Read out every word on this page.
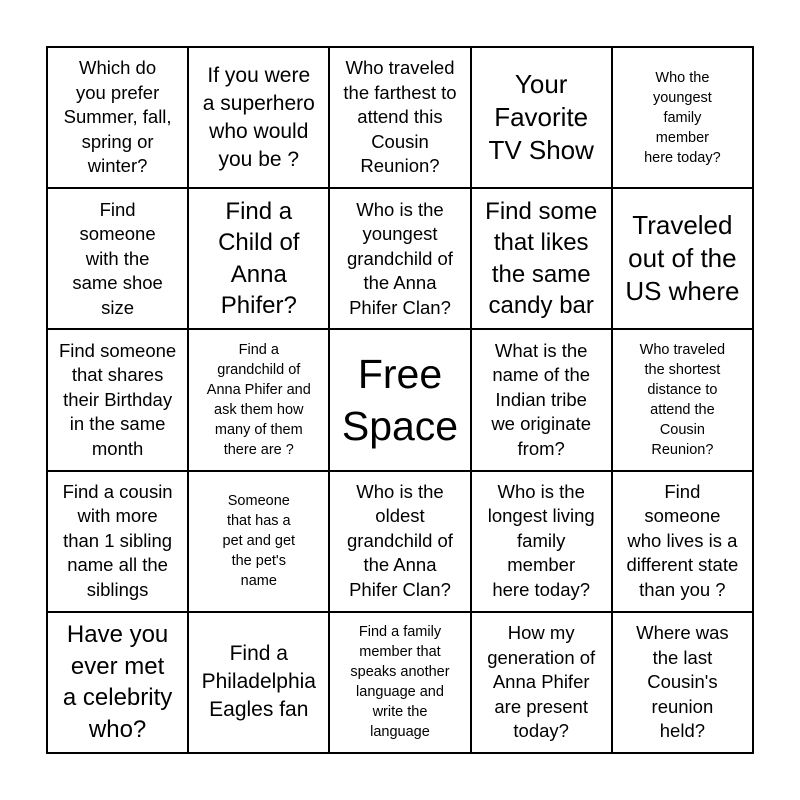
Which do
you prefer
Summer, fall,
spring or
winter?
If you were
a superhero
who would
you be ?
Who traveled
the farthest to
attend this
Cousin
Reunion?
Your
Favorite
TV Show
Who the
youngest
family
member
here today?
Find
someone
with the
same shoe
size
Find a
Child of
Anna
Phifer?
Who is the
youngest
grandchild of
the Anna
Phifer Clan?
Find some
that likes
the same
candy bar
Traveled
out of the
US where
Find someone
that shares
their Birthday
in the same
month
Find a
grandchild of
Anna Phifer and
ask them how
many of them
there are ?
Free
Space
What is the
name of the
Indian tribe
we originate
from?
Who traveled
the shortest
distance to
attend the
Cousin
Reunion?
Find a cousin
with more
than 1 sibling
name all the
siblings
Someone
that has a
pet and get
the pet's
name
Who is the
oldest
grandchild of
the Anna
Phifer Clan?
Who is the
longest living
family
member
here today?
Find
someone
who lives is a
different state
than you ?
Have you
ever met
a celebrity
who?
Find a
Philadelphia
Eagles fan
Find a family
member that
speaks another
language and
write the
language
How my
generation of
Anna Phifer
are present
today?
Where was
the last
Cousin's
reunion
held?
